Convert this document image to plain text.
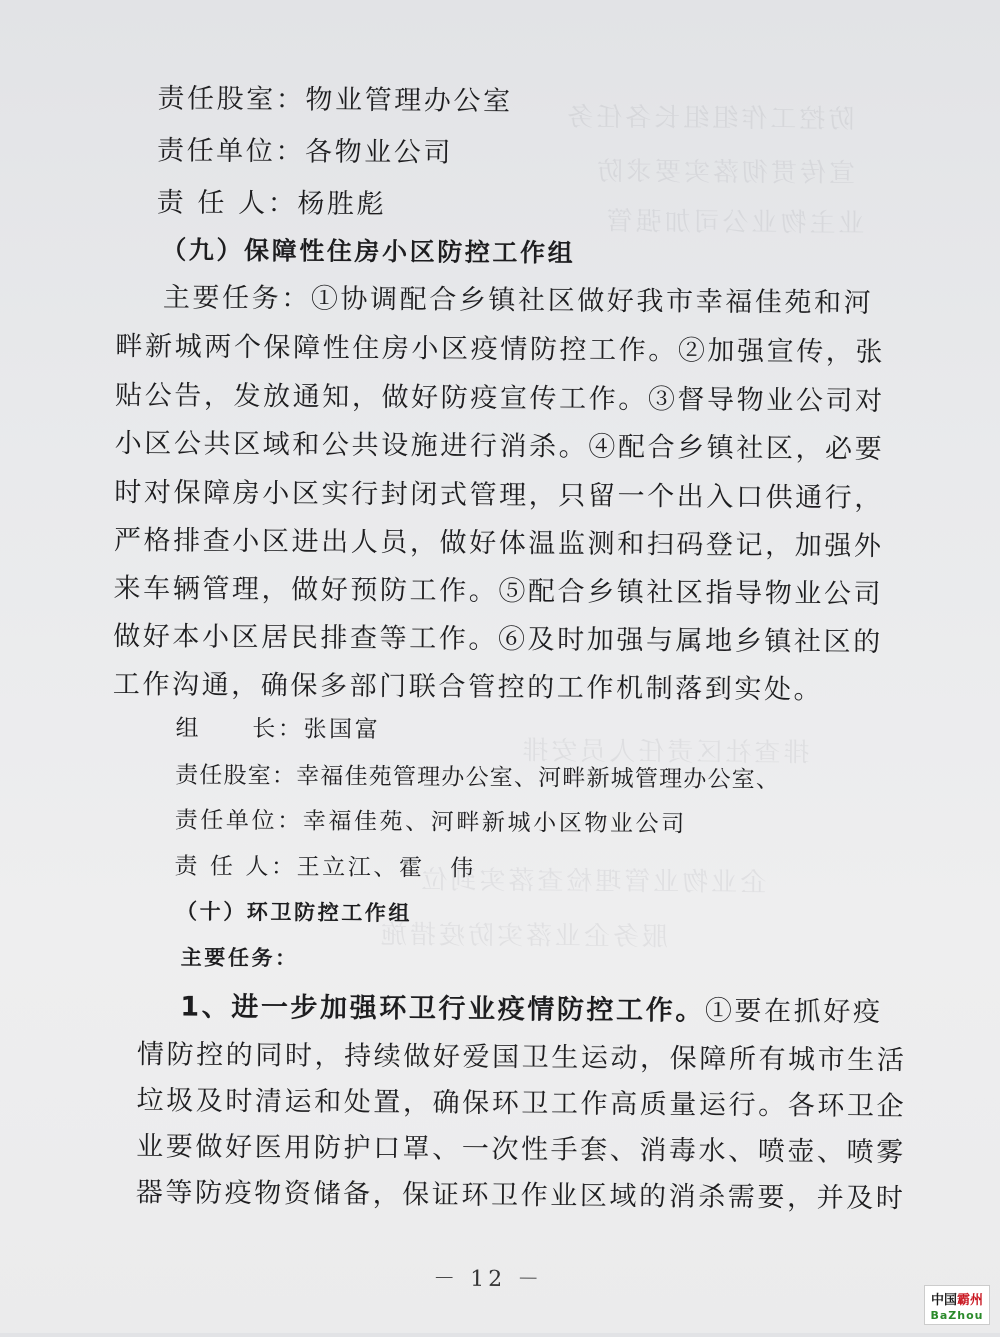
防控工作组组长各任务
宣传贯彻落实要求防
业主物业公司加强管
排查社区责任人员安排
企业物业管理检查落实到位
服务企业落实防疫措施
责任股室：物业管理办公室
责任单位：各物业公司
责 任 人：杨胜彪
（九）保障性住房小区防控工作组
主要任务：①协调配合乡镇社区做好我市幸福佳苑和河
畔新城两个保障性住房小区疫情防控工作。②加强宣传，张
贴公告，发放通知，做好防疫宣传工作。③督导物业公司对
小区公共区域和公共设施进行消杀。④配合乡镇社区，必要
时对保障房小区实行封闭式管理，只留一个出入口供通行，
严格排查小区进出人员，做好体温监测和扫码登记，加强外
来车辆管理，做好预防工作。⑤配合乡镇社区指导物业公司
做好本小区居民排查等工作。⑥及时加强与属地乡镇社区的
工作沟通，确保多部门联合管控的工作机制落到实处。
组　　长：张国富
责任股室：幸福佳苑管理办公室、河畔新城管理办公室、
责任单位：幸福佳苑、河畔新城小区物业公司
责 任 人：王立江、霍　伟
（十）环卫防控工作组
主要任务：
1、进一步加强环卫行业疫情防控工作。①要在抓好疫
情防控的同时，持续做好爱国卫生运动，保障所有城市生活
垃圾及时清运和处置，确保环卫工作高质量运行。各环卫企
业要做好医用防护口罩、一次性手套、消毒水、喷壶、喷雾
器等防疫物资储备，保证环卫作业区域的消杀需要，并及时
－ 12 －
中国霸州
BaZhou
